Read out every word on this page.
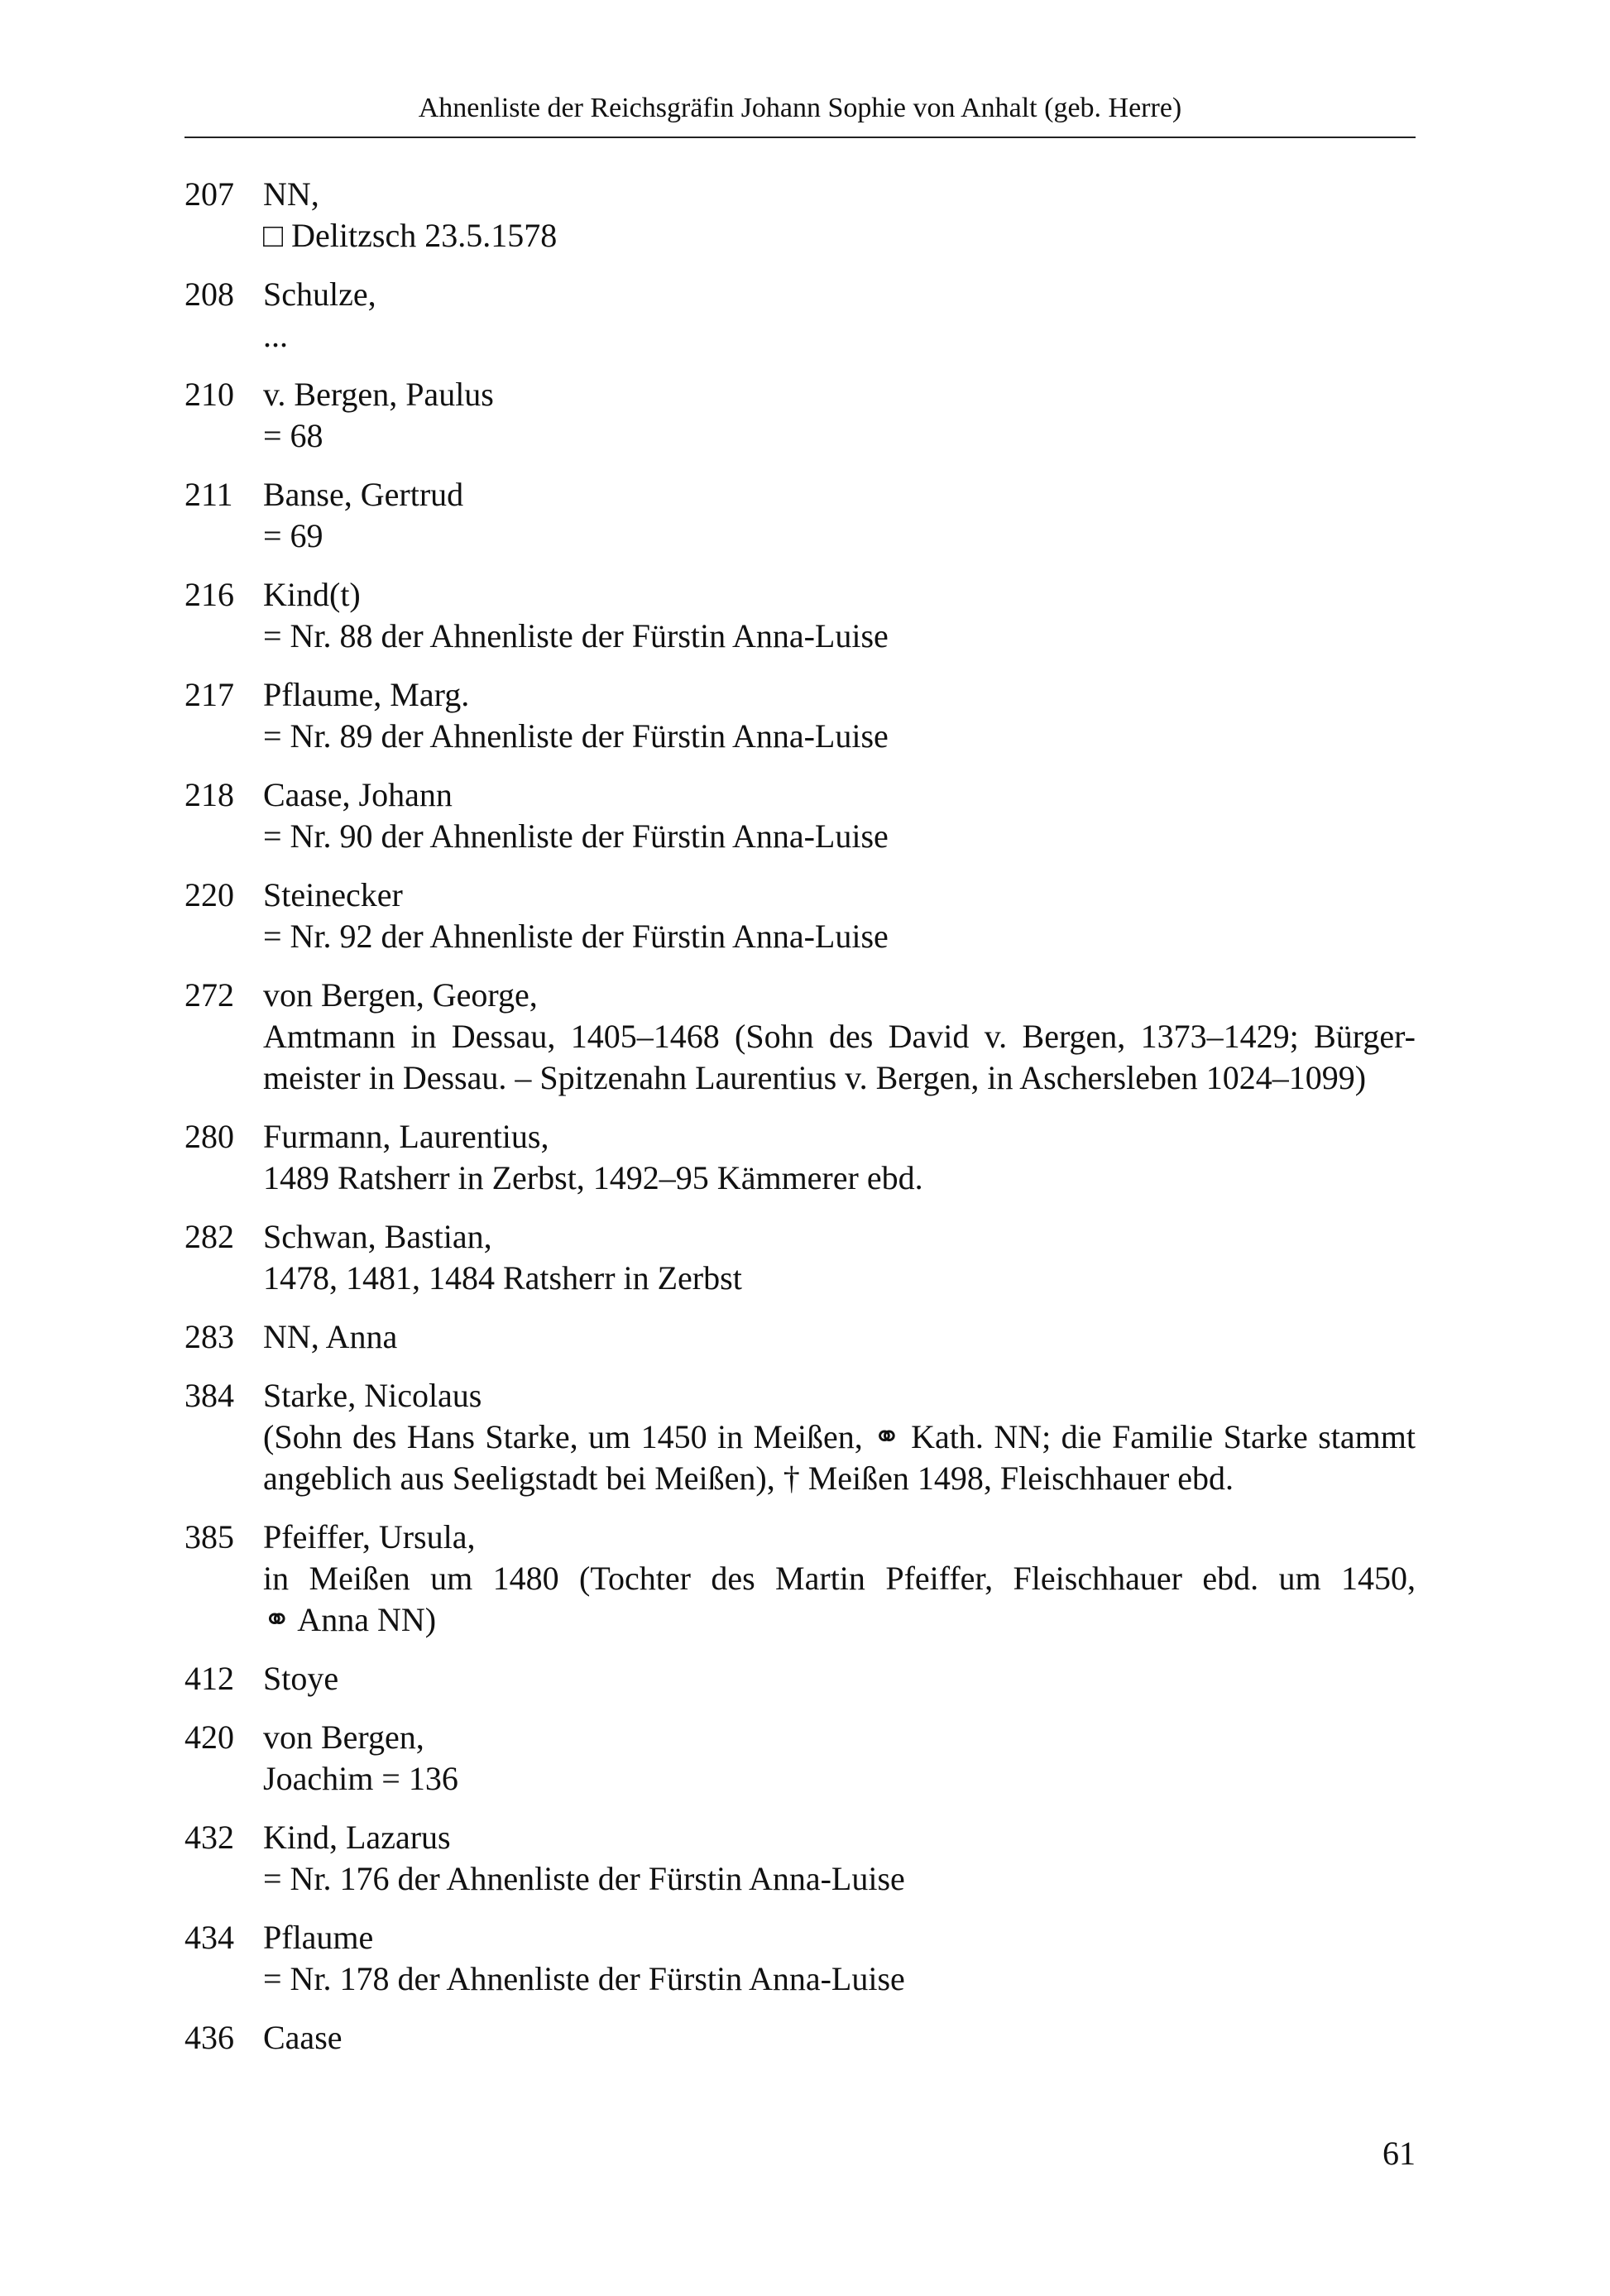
Ahnenliste der Reichsgräfin Johann Sophie von Anhalt (geb. Herre)
207 NN,
□ Delitzsch 23.5.1578
208 Schulze,
...
210 v. Bergen, Paulus
= 68
211 Banse, Gertrud
= 69
216 Kind(t)
= Nr. 88 der Ahnenliste der Fürstin Anna-Luise
217 Pflaume, Marg.
= Nr. 89 der Ahnenliste der Fürstin Anna-Luise
218 Caase, Johann
= Nr. 90 der Ahnenliste der Fürstin Anna-Luise
220 Steinecker
= Nr. 92 der Ahnenliste der Fürstin Anna-Luise
272 von Bergen, George,
Amtmann in Dessau, 1405–1468 (Sohn des David v. Bergen, 1373–1429; Bürger-
meister in Dessau. – Spitzenahn Laurentius v. Bergen, in Aschersleben 1024–1099)
280 Furmann, Laurentius,
1489 Ratsherr in Zerbst, 1492–95 Kämmerer ebd.
282 Schwan, Bastian,
1478, 1481, 1484 Ratsherr in Zerbst
283 NN, Anna
384 Starke, Nicolaus
(Sohn des Hans Starke, um 1450 in Meißen, ⚭ Kath. NN; die Familie Starke stammt
angeblich aus Seeligstadt bei Meißen), † Meißen 1498, Fleischhauer ebd.
385 Pfeiffer, Ursula,
in Meißen um 1480 (Tochter des Martin Pfeiffer, Fleischhauer ebd. um 1450,
⚭ Anna NN)
412 Stoye
420 von Bergen,
Joachim = 136
432 Kind, Lazarus
= Nr. 176 der Ahnenliste der Fürstin Anna-Luise
434 Pflaume
= Nr. 178 der Ahnenliste der Fürstin Anna-Luise
436 Caase
61
